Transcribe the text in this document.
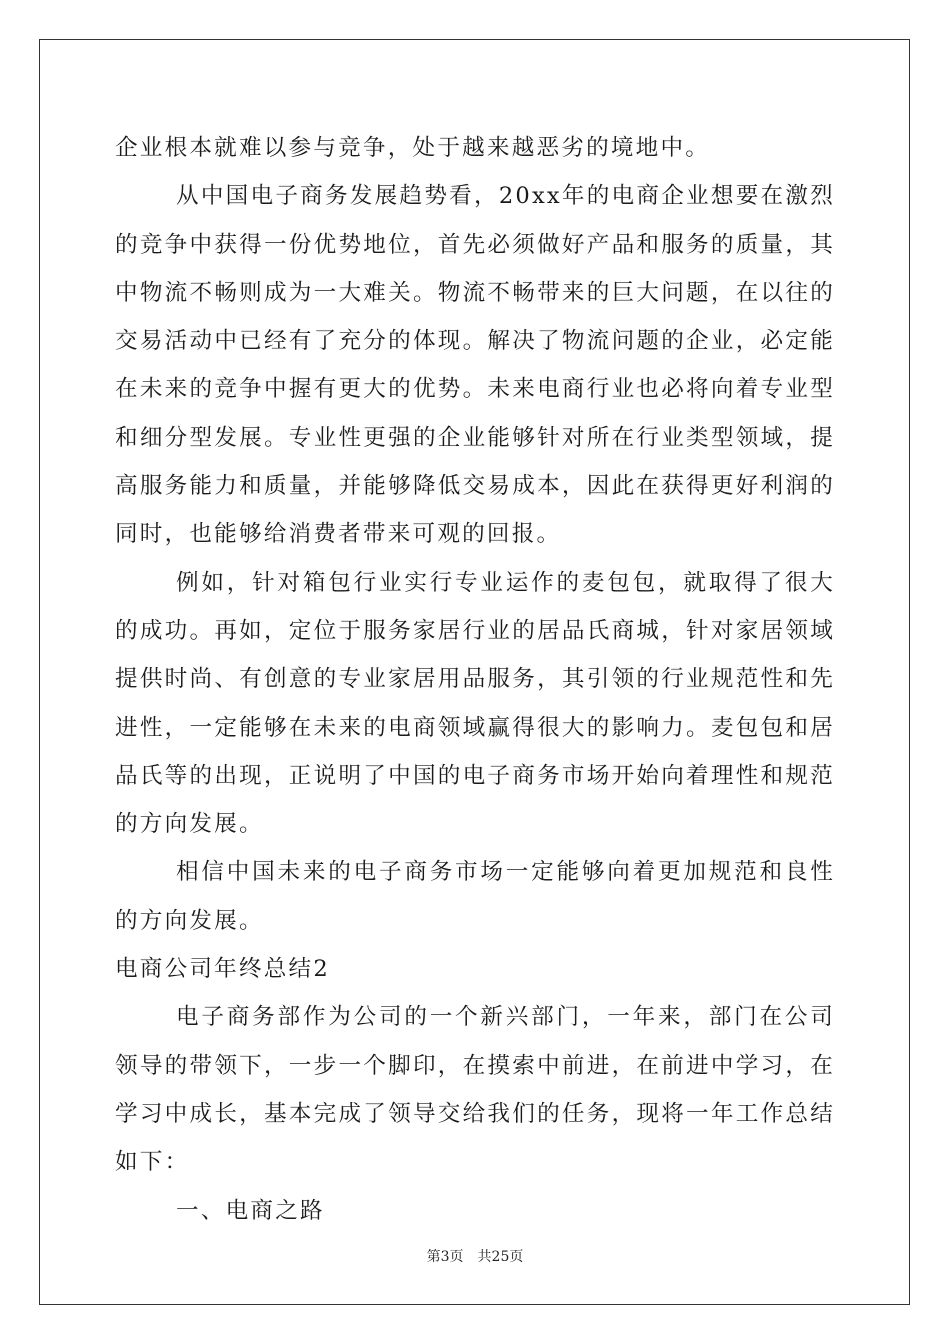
企业根本就难以参与竞争，处于越来越恶劣的境地中。

从中国电子商务发展趋势看，20xx年的电商企业想要在激烈的竞争中获得一份优势地位，首先必须做好产品和服务的质量，其中物流不畅则成为一大难关。物流不畅带来的巨大问题，在以往的交易活动中已经有了充分的体现。解决了物流问题的企业，必定能在未来的竞争中握有更大的优势。未来电商行业也必将向着专业型和细分型发展。专业性更强的企业能够针对所在行业类型领域，提高服务能力和质量，并能够降低交易成本，因此在获得更好利润的同时，也能够给消费者带来可观的回报。

例如，针对箱包行业实行专业运作的麦包包，就取得了很大的成功。再如，定位于服务家居行业的居品氏商城，针对家居领域提供时尚、有创意的专业家居用品服务，其引领的行业规范性和先进性，一定能够在未来的电商领域赢得很大的影响力。麦包包和居品氏等的出现，正说明了中国的电子商务市场开始向着理性和规范的方向发展。

相信中国未来的电子商务市场一定能够向着更加规范和良性的方向发展。

电商公司年终总结2

电子商务部作为公司的一个新兴部门，一年来，部门在公司领导的带领下，一步一个脚印，在摸索中前进，在前进中学习，在学习中成长，基本完成了领导交给我们的任务，现将一年工作总结如下：

一、电商之路

第3页 共25页
